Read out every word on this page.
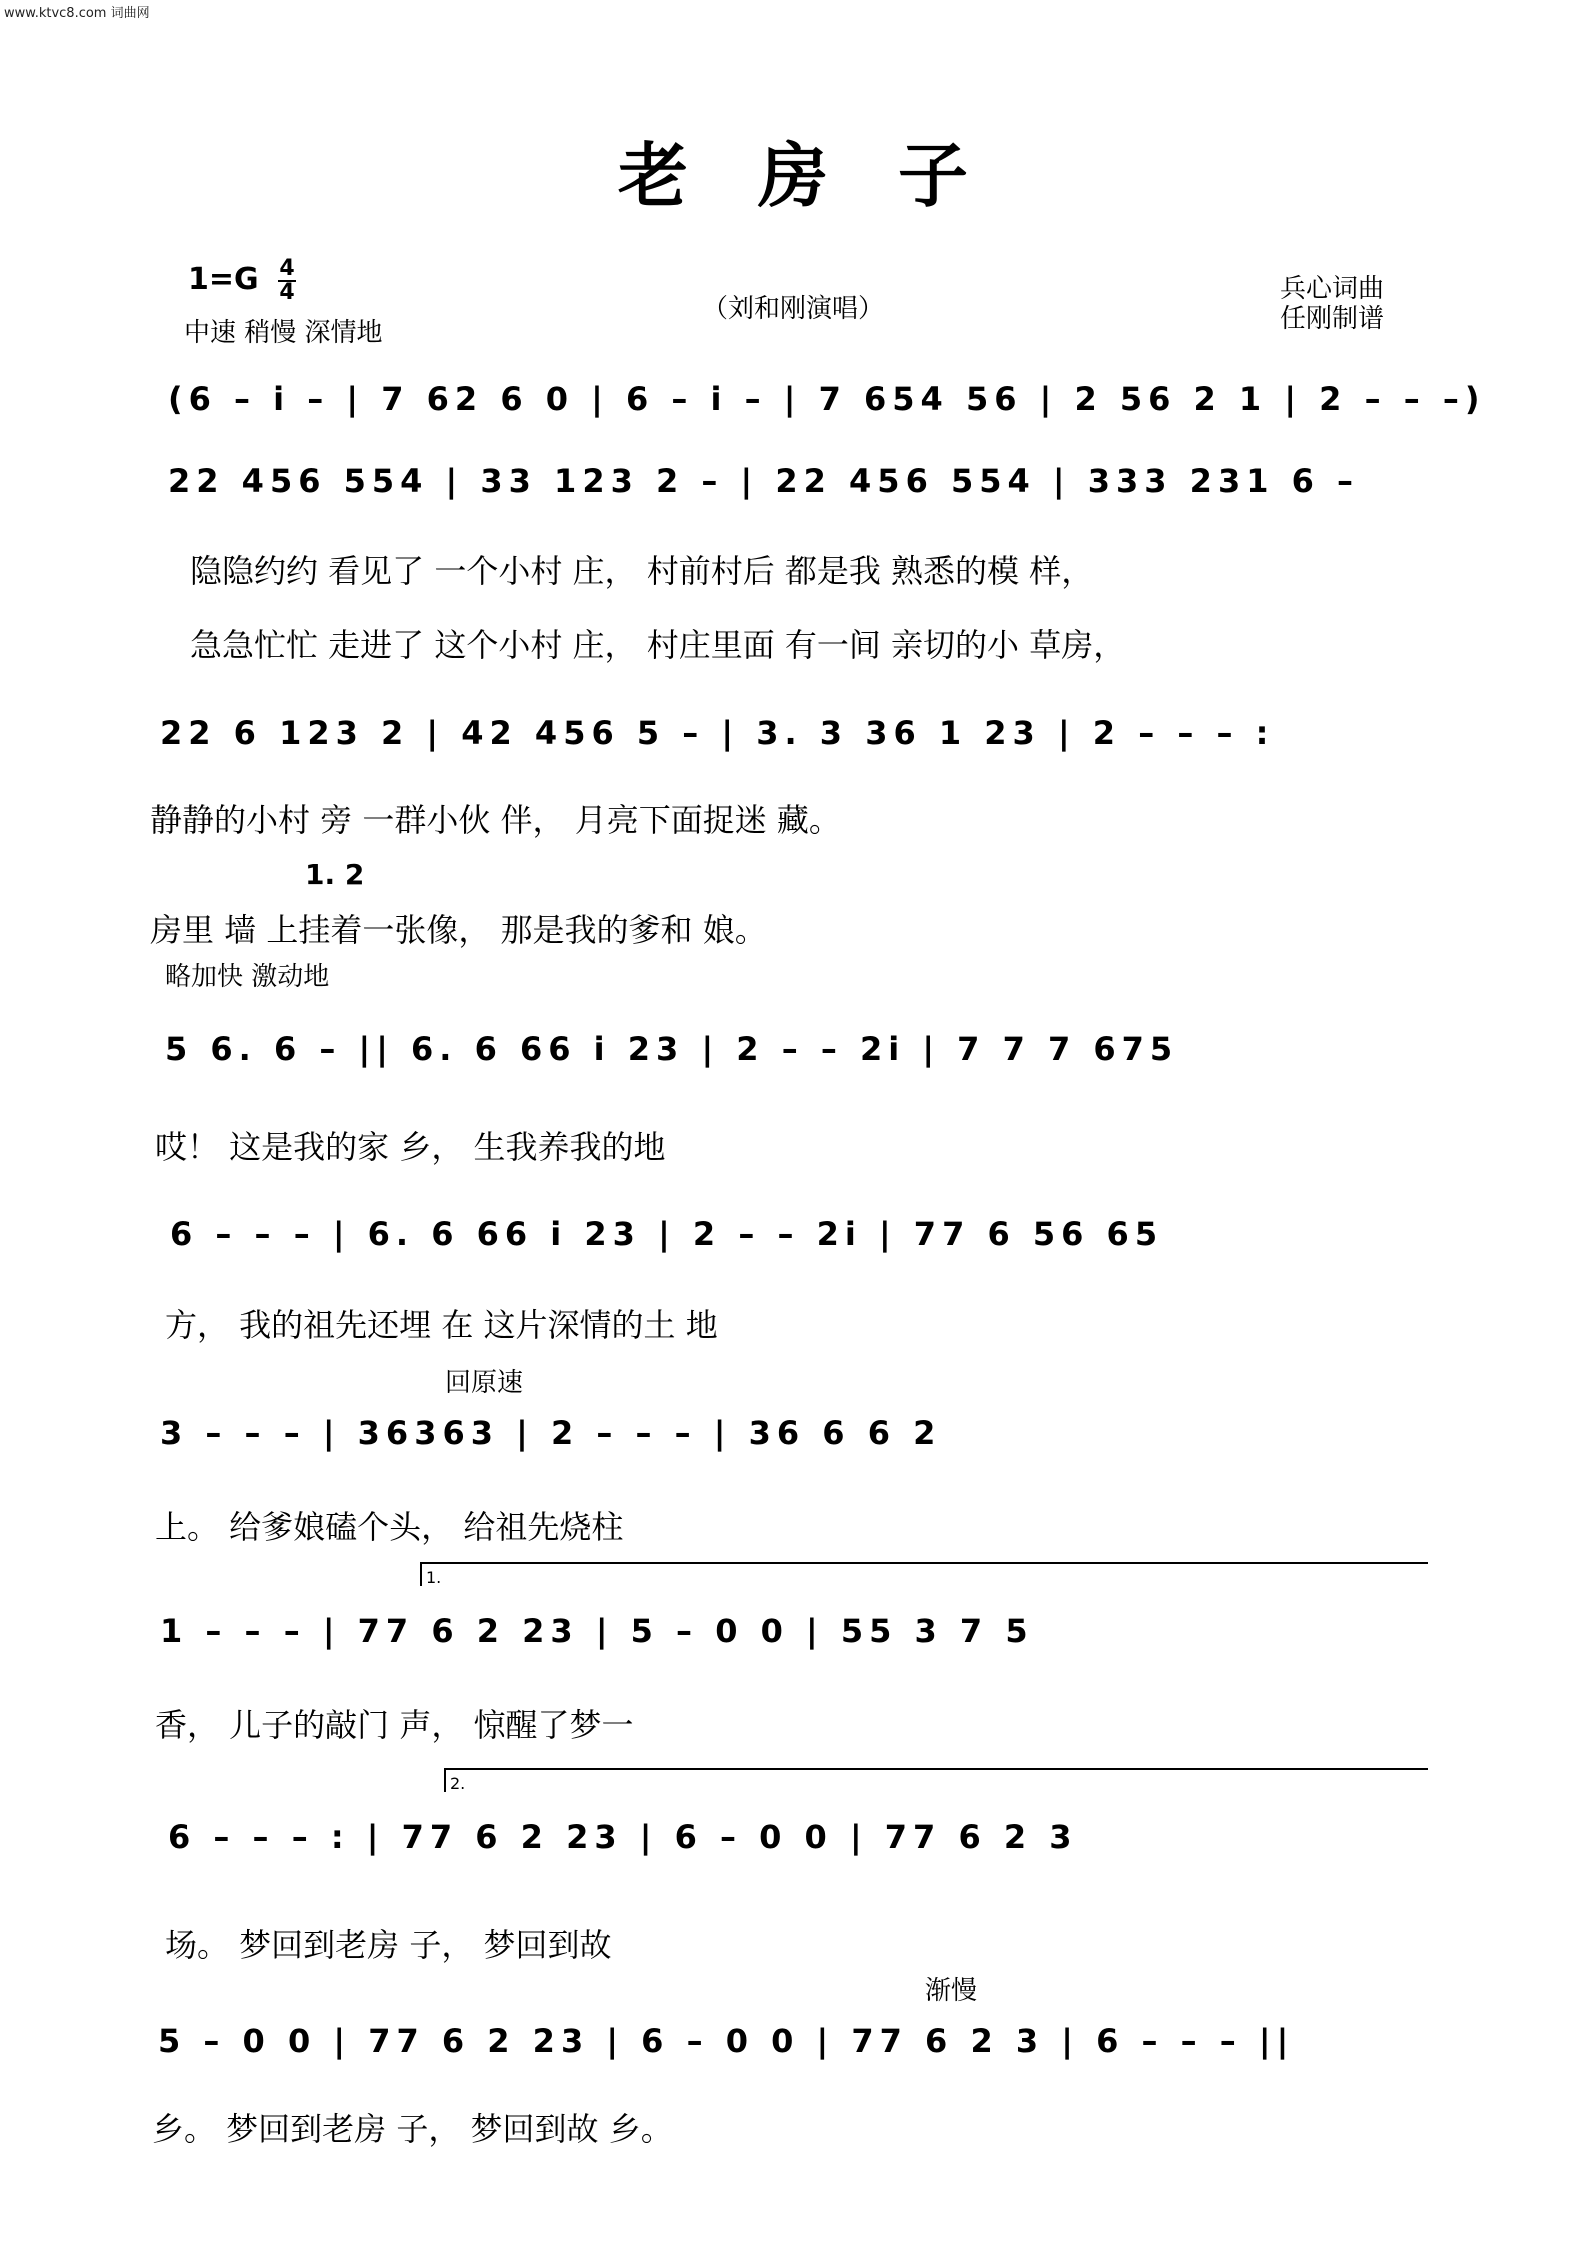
www.ktvc8.com 词曲网
老房子
1=G 4
4
中速 稍慢 深情地
（刘和刚演唱）
兵心词曲
任刚制谱
(6 – i – | 7 62 6 0 | 6 – i – | 7 654 56 | 2 56 2 1 | 2 – – –)
22 456 554 | 33 123 2 – | 22 456 554 | 333 231 6 –
隐隐约约 看见了 一个小村 庄， 村前村后 都是我 熟悉的模 样，
急急忙忙 走进了 这个小村 庄， 村庄里面 有一间 亲切的小 草房，
22 6 123 2 | 42 456 5 – | 3. 3 36 1 23 | 2 – – – :
静静的小村 旁 一群小伙 伴， 月亮下面捉迷 藏。
1. 2
房里 墙 上挂着一张像， 那是我的爹和 娘。
略加快 激动地
5 6. 6 – || 6. 6 66 i 23 | 2 – – 2i | 7 7 7 675
哎！ 这是我的家 乡， 生我养我的地
6 – – – | 6. 6 66 i 23 | 2 – – 2i | 77 6 56 65
方， 我的祖先还埋 在 这片深情的土 地
回原速
3 – – – | 36363 | 2 – – – | 36 6 6 2
上。 给爹娘磕个头， 给祖先烧柱
1.
1 – – – | 77 6 2 23 | 5 – 0 0 | 55 3 7 5
香， 儿子的敲门 声， 惊醒了梦一
2.
6 – – – : | 77 6 2 23 | 6 – 0 0 | 77 6 2 3
场。 梦回到老房 子， 梦回到故
渐慢
5 – 0 0 | 77 6 2 23 | 6 – 0 0 | 77 6 2 3 | 6 – – – ||
乡。 梦回到老房 子， 梦回到故 乡。
